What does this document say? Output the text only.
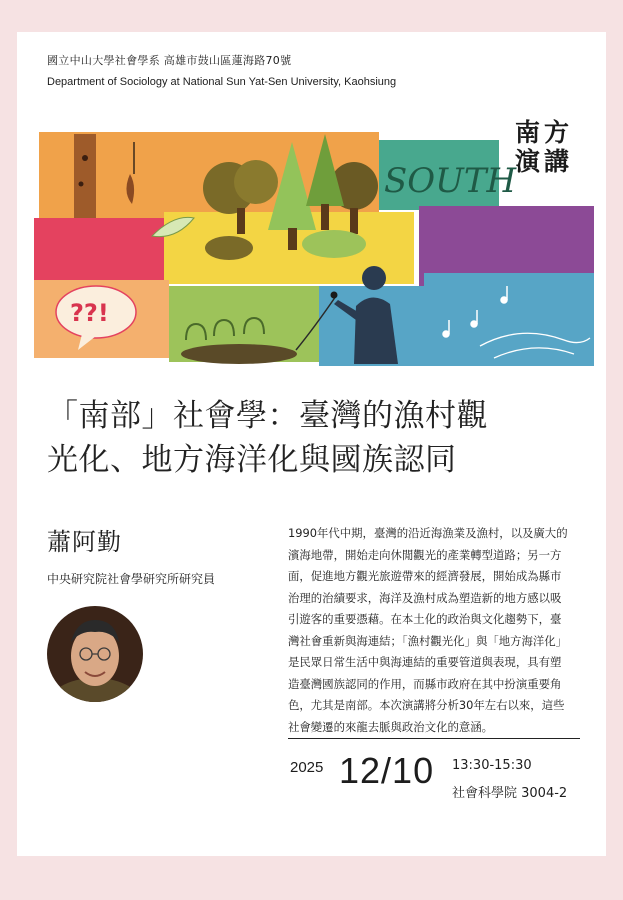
國立中山大學社會學系 高雄市鼓山區蓮海路70號
Department of Sociology at National Sun Yat-Sen University, Kaohsiung
SOUTH
??!
南方
演講
「南部」社會學：臺灣的漁村觀
光化、地方海洋化與國族認同
蕭阿勤
中央研究院社會學研究所研究員
1990年代中期，臺灣的沿近海漁業及漁村，以及廣大的
濱海地帶，開始走向休閒觀光的產業轉型道路；另一方
面，促進地方觀光旅遊帶來的經濟發展，開始成為縣市
治理的治績要求，海洋及漁村成為塑造新的地方感以吸
引遊客的重要憑藉。在本土化的政治與文化趨勢下，臺
灣社會重新與海連結；「漁村觀光化」與「地方海洋化」
是民眾日常生活中與海連結的重要管道與表現，具有塑
造臺灣國族認同的作用，而縣市政府在其中扮演重要角
色，尤其是南部。本次演講將分析30年左右以來，這些
社會變遷的來龍去脈與政治文化的意涵。
2025 12/10 13:30-15:30
社會科學院 3004-2
